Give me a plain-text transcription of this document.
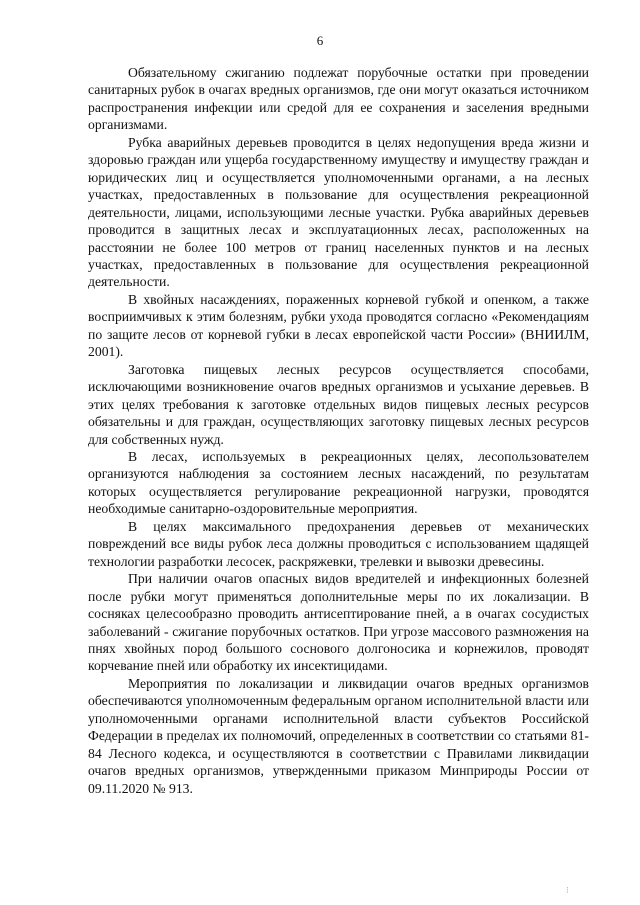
6

Обязательному сжиганию подлежат порубочные остатки при проведении санитарных рубок в очагах вредных организмов, где они могут оказаться источником распространения инфекции или средой для ее сохранения и заселения вредными организмами.

Рубка аварийных деревьев проводится в целях недопущения вреда жизни и здоровью граждан или ущерба государственному имуществу и имуществу граждан и юридических лиц и осуществляется уполномоченными органами, а на лесных участках, предоставленных в пользование для осуществления рекреационной деятельности, лицами, использующими лесные участки. Рубка аварийных деревьев проводится в защитных лесах и эксплуатационных лесах, расположенных на расстоянии не более 100 метров от границ населенных пунктов и на лесных участках, предоставленных в пользование для осуществления рекреационной деятельности.

В хвойных насаждениях, пораженных корневой губкой и опенком, а также восприимчивых к этим болезням, рубки ухода проводятся согласно «Рекомендациям по защите лесов от корневой губки в лесах европейской части России» (ВНИИЛМ, 2001).

Заготовка пищевых лесных ресурсов осуществляется способами, исключающими возникновение очагов вредных организмов и усыхание деревьев. В этих целях требования к заготовке отдельных видов пищевых лесных ресурсов обязательны и для граждан, осуществляющих заготовку пищевых лесных ресурсов для собственных нужд.

В лесах, используемых в рекреационных целях, лесопользователем организуются наблюдения за состоянием лесных насаждений, по результатам которых осуществляется регулирование рекреационной нагрузки, проводятся необходимые санитарно-оздоровительные мероприятия.

В целях максимального предохранения деревьев от механических повреждений все виды рубок леса должны проводиться с использованием щадящей технологии разработки лесосек, раскряжевки, трелевки и вывозки древесины.

При наличии очагов опасных видов вредителей и инфекционных болезней после рубки могут применяться дополнительные меры по их локализации. В сосняках целесообразно проводить антисептирование пней, а в очагах сосудистых заболеваний - сжигание порубочных остатков. При угрозе массового размножения на пнях хвойных пород большого соснового долгоносика и корнежилов, проводят корчевание пней или обработку их инсектицидами.

Мероприятия по локализации и ликвидации очагов вредных организмов обеспечиваются уполномоченным федеральным органом исполнительной власти или уполномоченными органами исполнительной власти субъектов Российской Федерации в пределах их полномочий, определенных в соответствии со статьями 81-84 Лесного кодекса, и осуществляются в соответствии с Правилами ликвидации очагов вредных организмов, утвержденными приказом Минприроды России от 09.11.2020 № 913.

⁝
